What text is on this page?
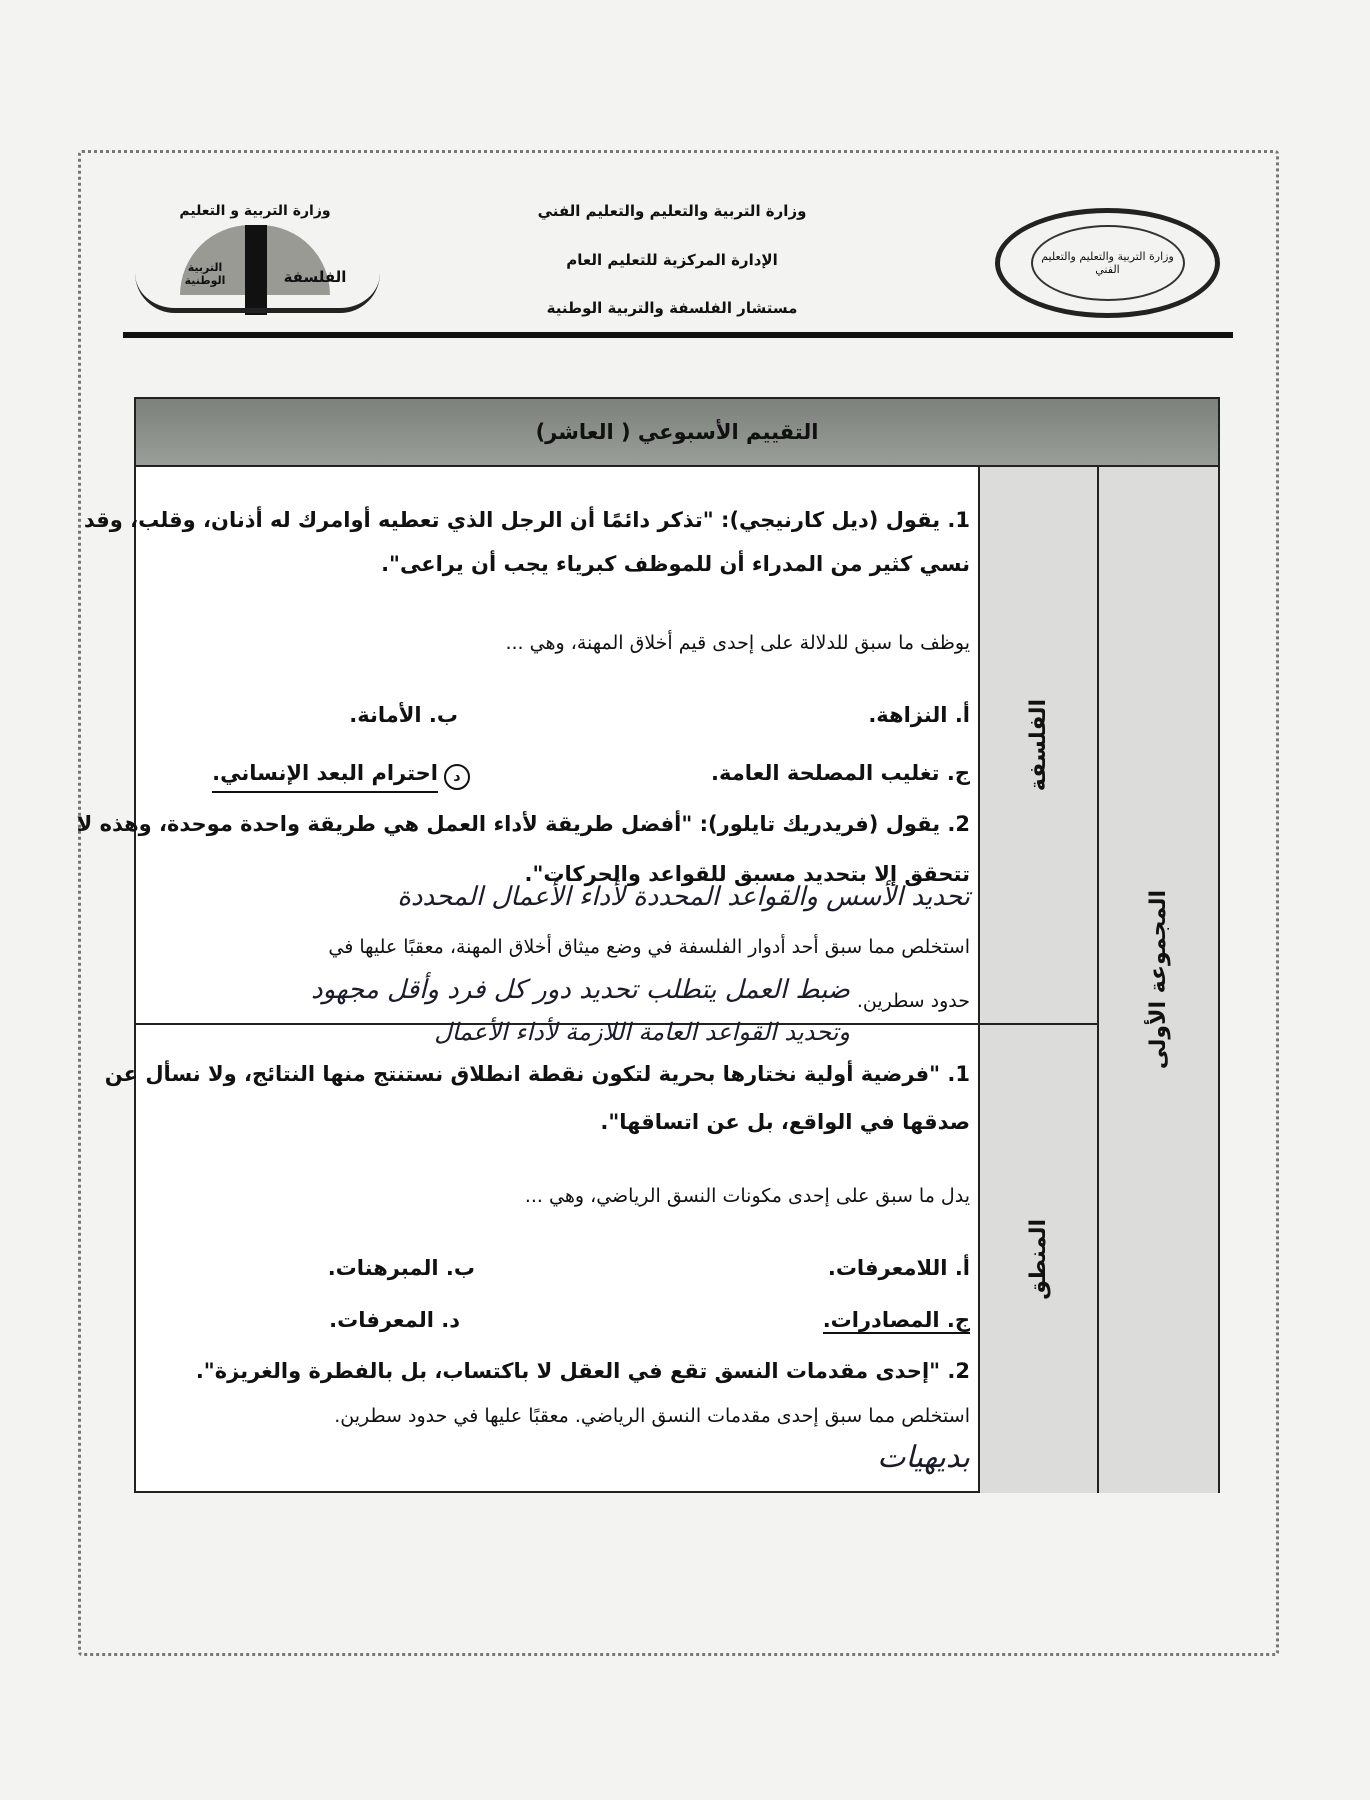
وزارة التربية والتعليم والتعليم الفني
الإدارة المركزية للتعليم العام
مستشار الفلسفة والتربية الوطنية
وزارة التربية والتعليم والتعليم الفني
وزارة التربية و التعليم
التربية الوطنية	الفلسفة
التقييم الأسبوعي ( العاشر)
المجموعة الأولى
الفلسفة
المنطق
1. يقول (ديل كارنيجي): "تذكر دائمًا أن الرجل الذي تعطيه أوامرك له أذنان، وقلب، وقد
نسي كثير من المدراء أن للموظف كبرياء يجب أن يراعى".
يوظف ما سبق للدلالة على إحدى قيم أخلاق المهنة، وهي ...
أ. النزاهة.
ب. الأمانة.
ج. تغليب المصلحة العامة.
د
احترام البعد الإنساني.
2. يقول (فريدريك تايلور): "أفضل طريقة لأداء العمل هي طريقة واحدة موحدة، وهذه لا
تتحقق إلا بتحديد مسبق للقواعد والحركات".
تحديد الأسس والقواعد المحددة لأداء الأعمال المحددة
استخلص مما سبق أحد أدوار الفلسفة في وضع ميثاق أخلاق المهنة، معقبًا عليها في
حدود سطرين.
ضبط العمل يتطلب تحديد دور كل فرد وأقل مجهود
وتحديد القواعد العامة اللازمة لأداء الأعمال
1. "فرضية أولية نختارها بحرية لتكون نقطة انطلاق نستنتج منها النتائج، ولا نسأل عن
صدقها في الواقع، بل عن اتساقها".
يدل ما سبق على إحدى مكونات النسق الرياضي، وهي ...
أ. اللامعرفات.
ب. المبرهنات.
ج. المصادرات.
د. المعرفات.
2. "إحدى مقدمات النسق تقع في العقل لا باكتساب، بل بالفطرة والغريزة".
استخلص مما سبق إحدى مقدمات النسق الرياضي. معقبًا عليها في حدود سطرين.
بديهيات
